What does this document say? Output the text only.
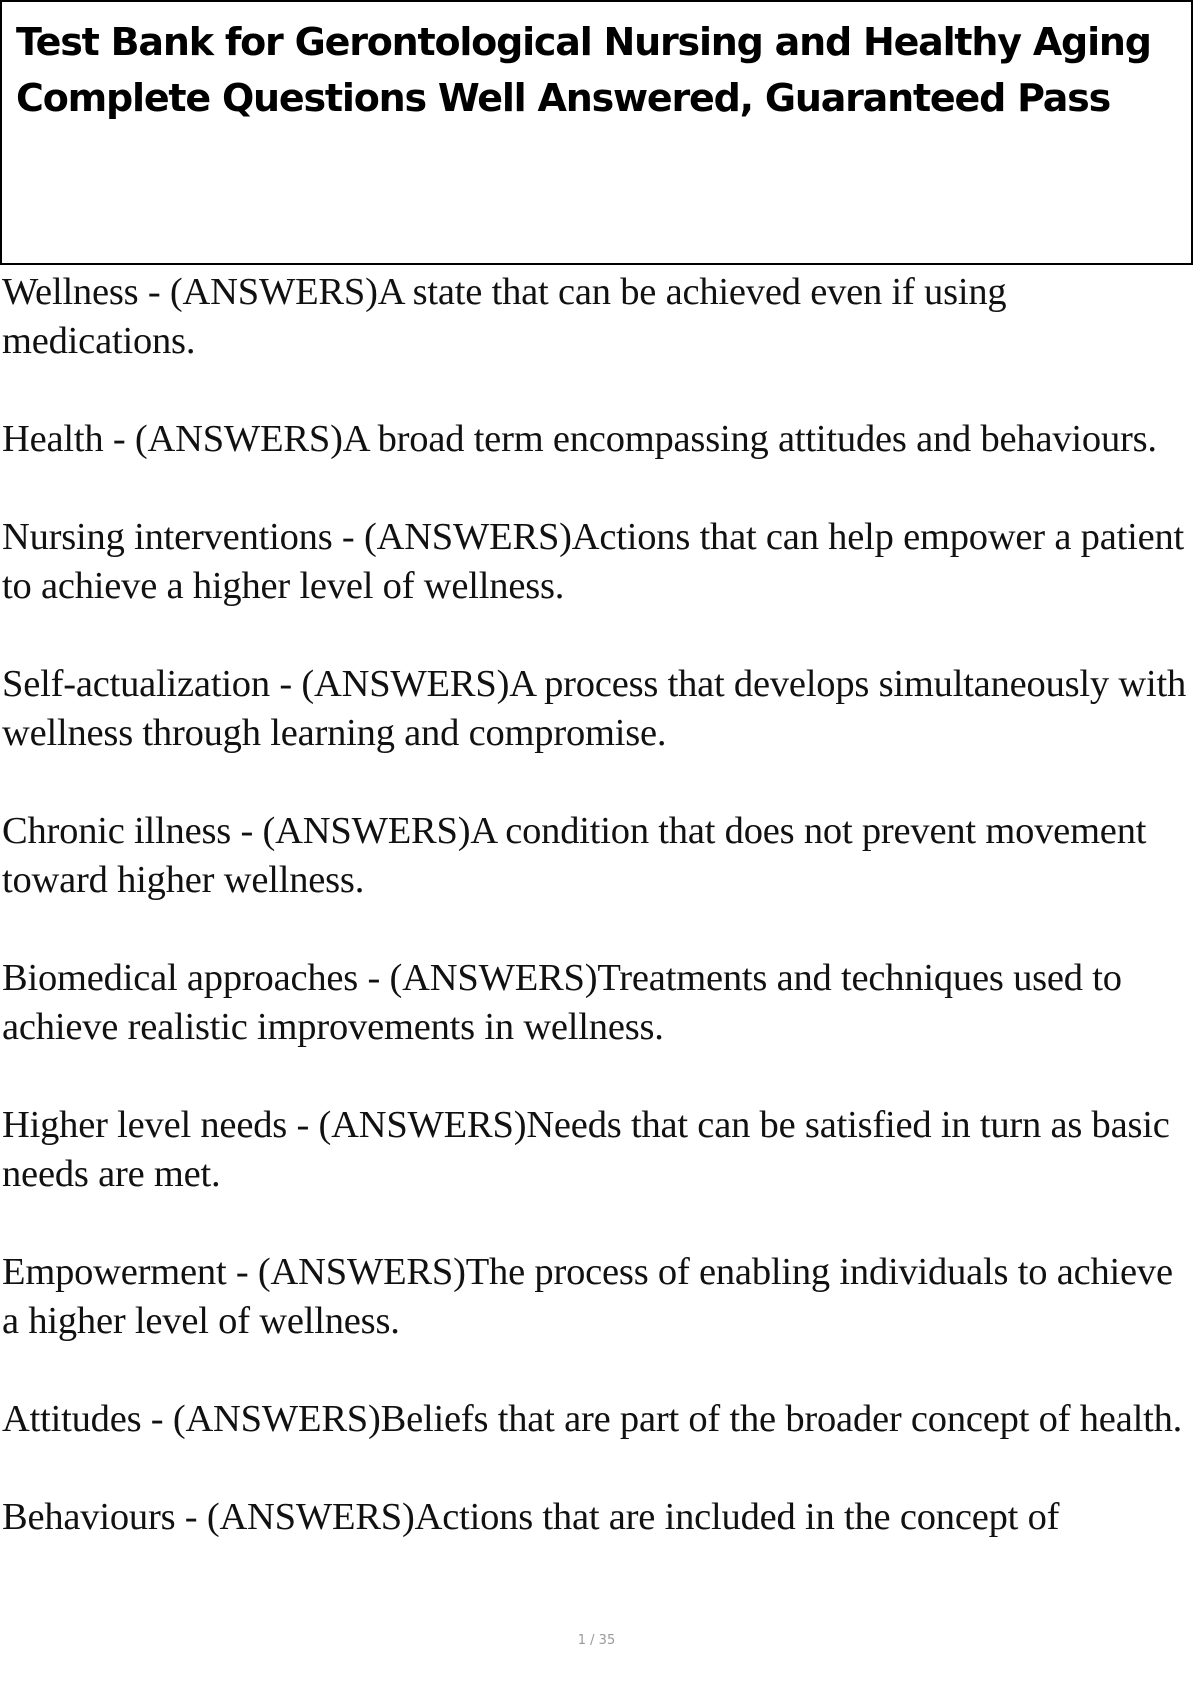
Test Bank for Gerontological Nursing and Healthy Aging
Complete Questions Well Answered, Guaranteed Pass

Wellness - (ANSWERS)A state that can be achieved even if using medications.

Health - (ANSWERS)A broad term encompassing attitudes and behaviours.

Nursing interventions - (ANSWERS)Actions that can help empower a patient to achieve a higher level of wellness.

Self-actualization - (ANSWERS)A process that develops simultaneously with wellness through learning and compromise.

Chronic illness - (ANSWERS)A condition that does not prevent movement toward higher wellness.

Biomedical approaches - (ANSWERS)Treatments and techniques used to achieve realistic improvements in wellness.

Higher level needs - (ANSWERS)Needs that can be satisfied in turn as basic needs are met.

Empowerment - (ANSWERS)The process of enabling individuals to achieve a higher level of wellness.

Attitudes - (ANSWERS)Beliefs that are part of the broader concept of health.

Behaviours - (ANSWERS)Actions that are included in the concept of

1 / 35
